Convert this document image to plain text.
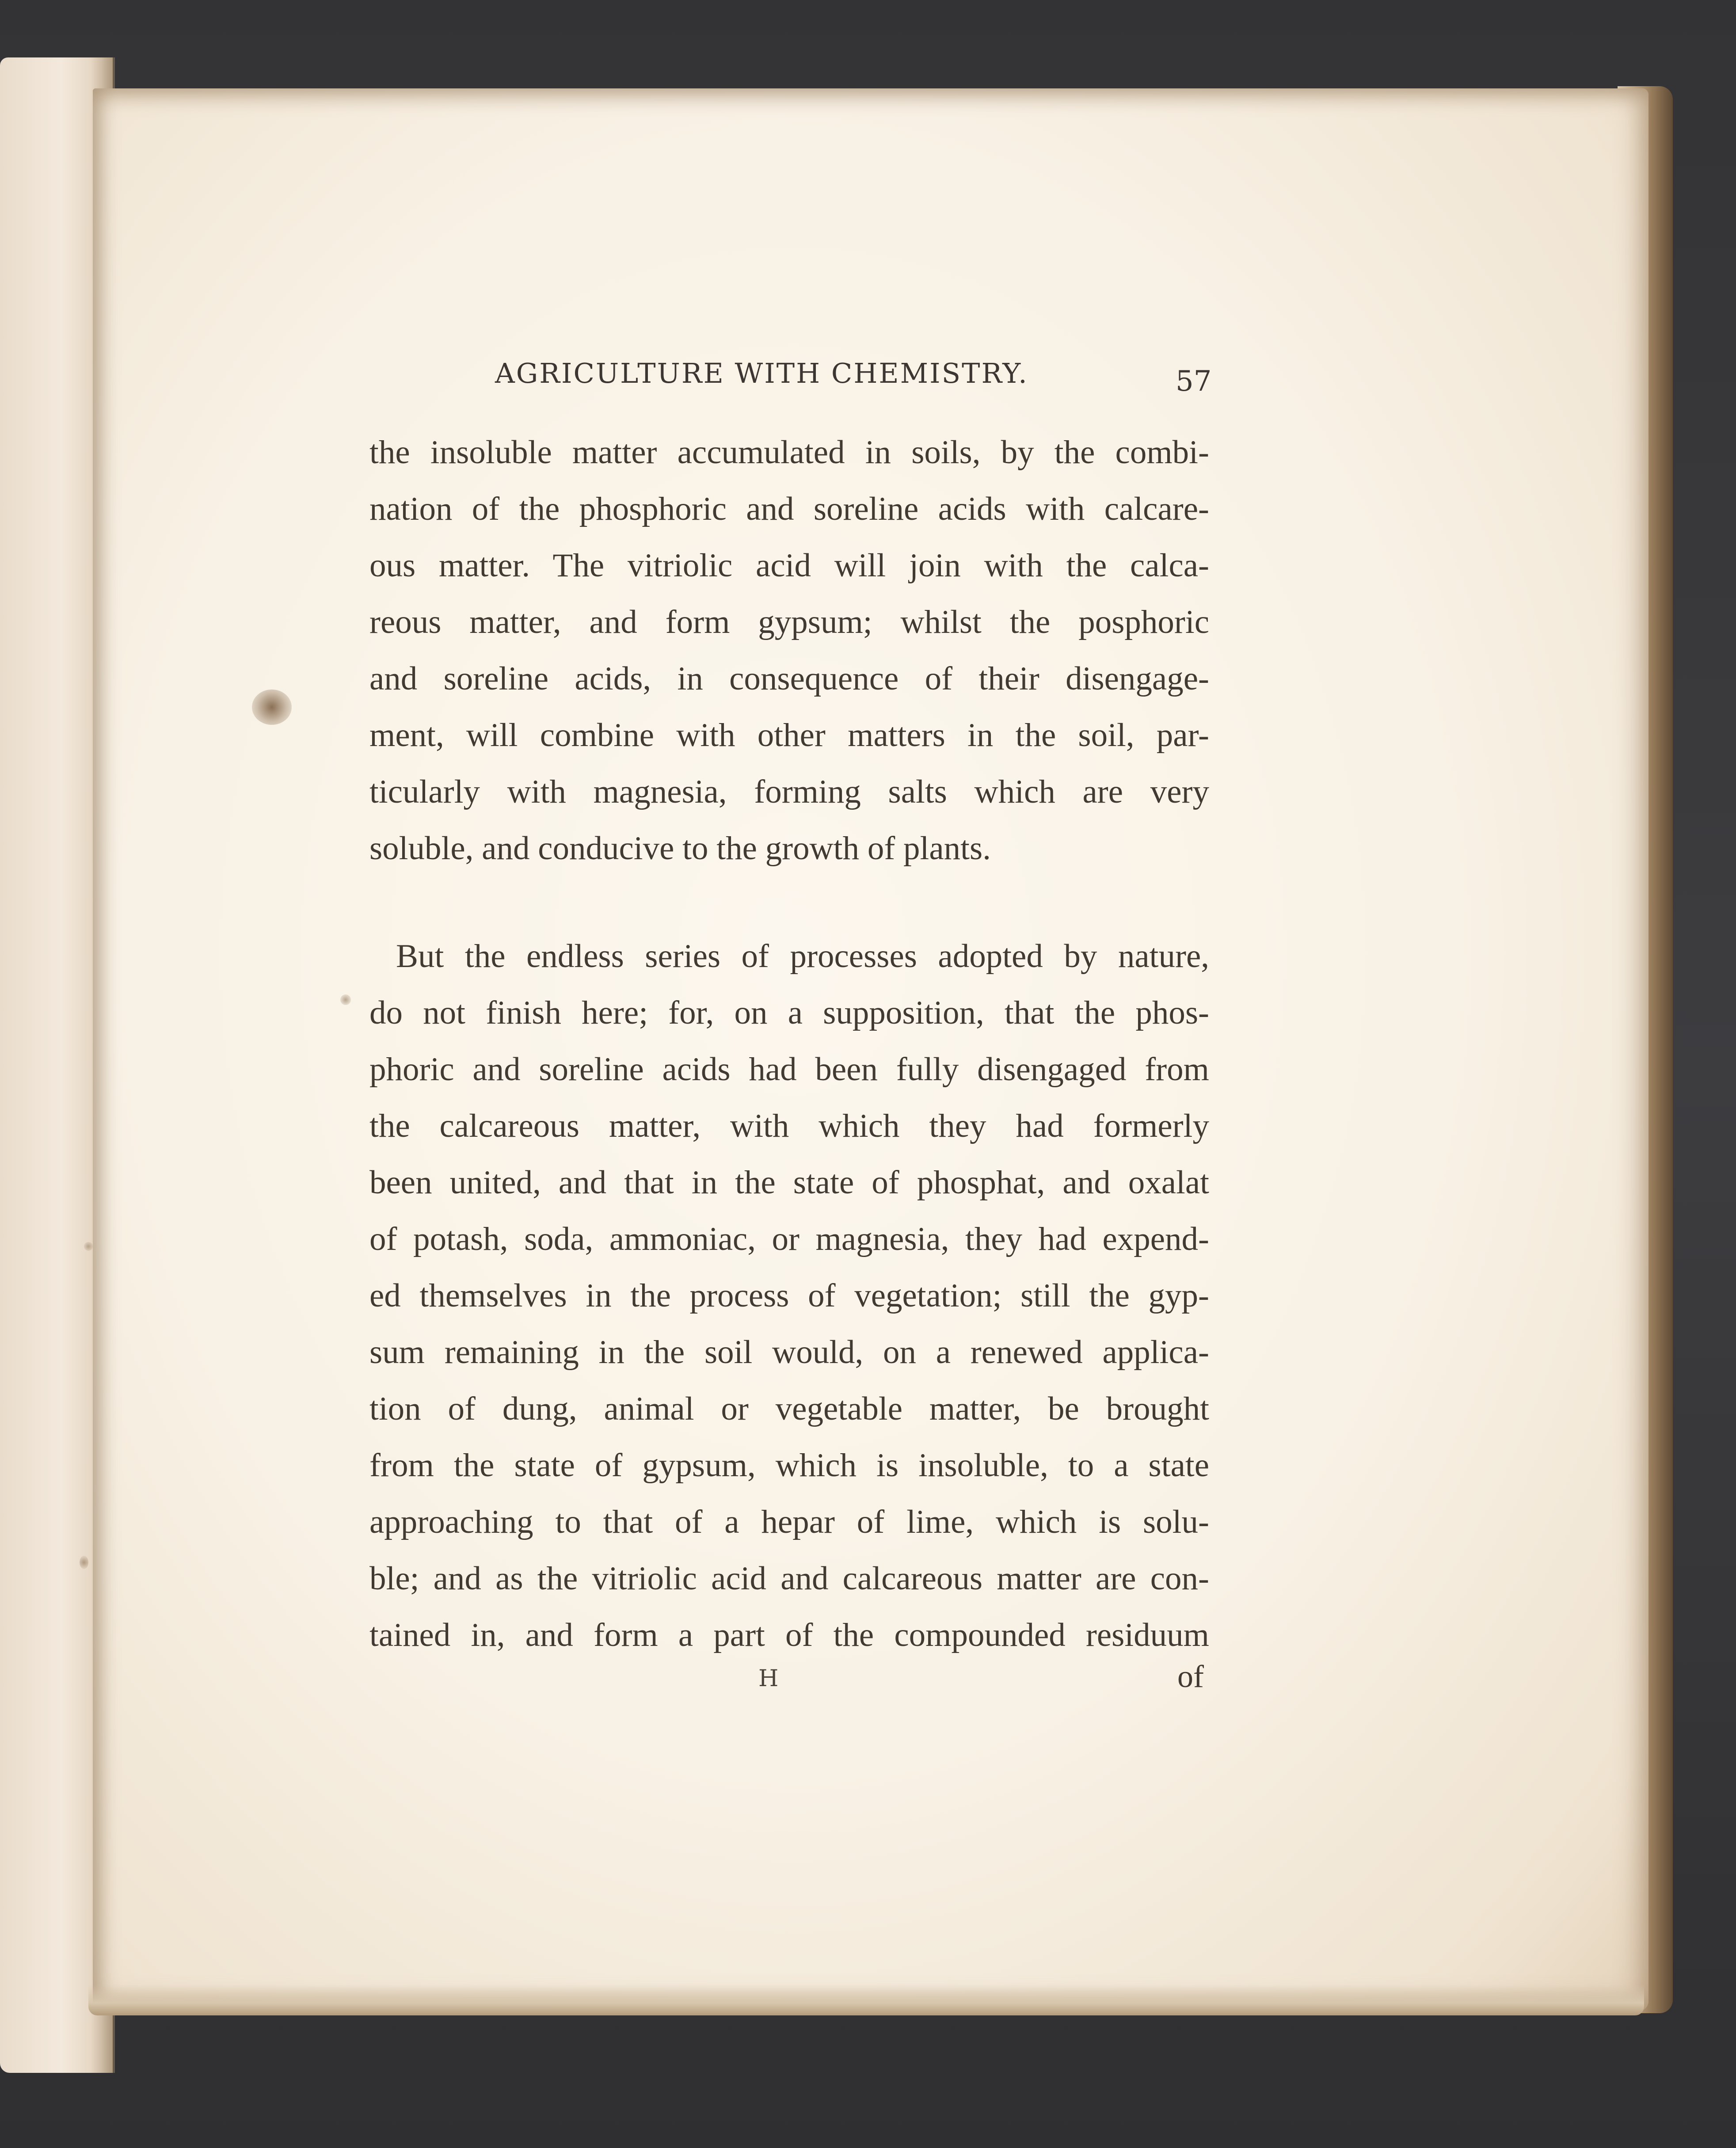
AGRICULTURE WITH CHEMISTRY.	57
the insoluble matter accumulated in soils, by the combi-
nation of the phosphoric and soreline acids with calcare-
ous matter. The vitriolic acid will join with the calca-
reous matter, and form gypsum; whilst the posphoric
and soreline acids, in consequence of their disengage-
ment, will combine with other matters in the soil, par-
ticularly with magnesia, forming salts which are very
soluble, and conducive to the growth of plants.
But the endless series of processes adopted by nature,
do not finish here; for, on a supposition, that the phos-
phoric and soreline acids had been fully disengaged from
the calcareous matter, with which they had formerly
been united, and that in the state of phosphat, and oxalat
of potash, soda, ammoniac, or magnesia, they had expend-
ed themselves in the process of vegetation; still the gyp-
sum remaining in the soil would, on a renewed applica-
tion of dung, animal or vegetable matter, be brought
from the state of gypsum, which is insoluble, to a state
approaching to that of a hepar of lime, which is solu-
ble; and as the vitriolic acid and calcareous matter are con-
tained in, and form a part of the compounded residuum
H	of
